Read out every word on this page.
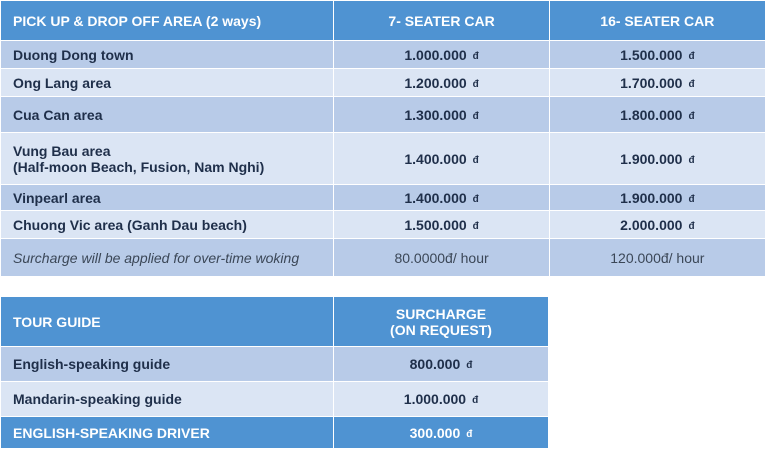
PICK UP & DROP OFF AREA (2 ways)	7- SEATER CAR	16- SEATER CAR
Duong Dong town	1.000.000 đ	1.500.000 đ
Ong Lang area	1.200.000 đ	1.700.000 đ
Cua Can area	1.300.000 đ	1.800.000 đ

Vung Bau area
(Half-moon Beach, Fusion, Nam Nghi)	1.400.000 đ	1.900.000 đ
Vinpearl area	1.400.000 đ	1.900.000 đ
Chuong Vic area (Ganh Dau beach)	1.500.000 đ	2.000.000 đ
Surcharge will be applied for over-time woking	80.0000đ/ hour	120.000đ/ hour
TOUR GUIDE	SURCHARGE
(ON REQUEST)

English-speaking guide	800.000 đ
Mandarin-speaking guide	1.000.000 đ
ENGLISH-SPEAKING DRIVER	300.000 đ
